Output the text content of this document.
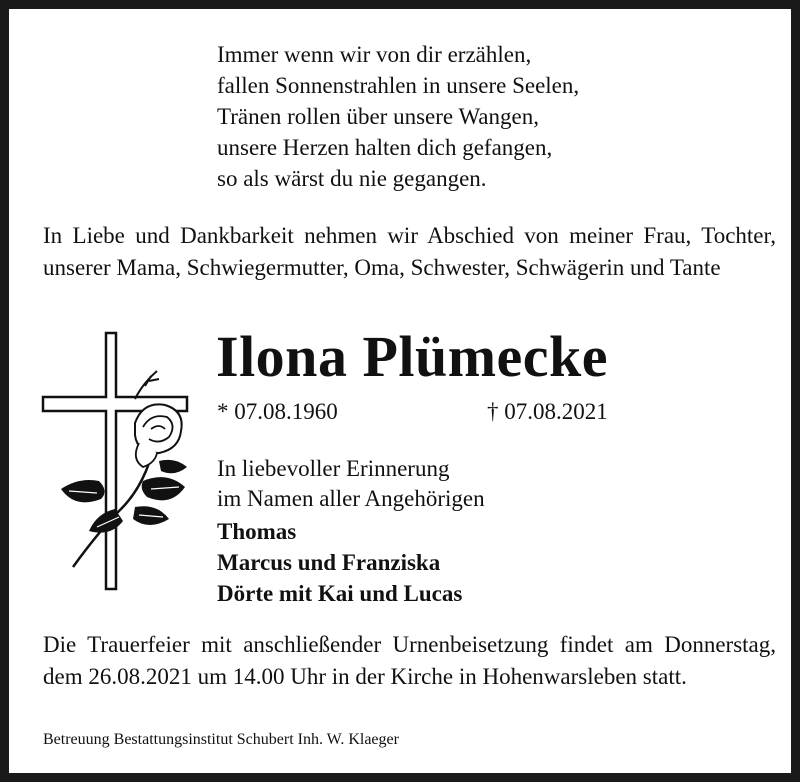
Immer wenn wir von dir erzählen,
fallen Sonnenstrahlen in unsere Seelen,
Tränen rollen über unsere Wangen,
unsere Herzen halten dich gefangen,
so als wärst du nie gegangen.
In Liebe und Dankbarkeit nehmen wir Abschied von meiner Frau, Tochter, unserer Mama, Schwiegermutter, Oma, Schwester, Schwägerin und Tante
Ilona Plümecke
* 07.08.1960	† 07.08.2021
In liebevoller Erinnerung
im Namen aller Angehörigen
Thomas
Marcus und Franziska
Dörte mit Kai und Lucas
Die Trauerfeier mit anschließender Urnenbeisetzung findet am Donnerstag, dem 26.08.2021 um 14.00 Uhr in der Kirche in Hohenwarsleben statt.
Betreuung Bestattungsinstitut Schubert Inh. W. Klaeger
